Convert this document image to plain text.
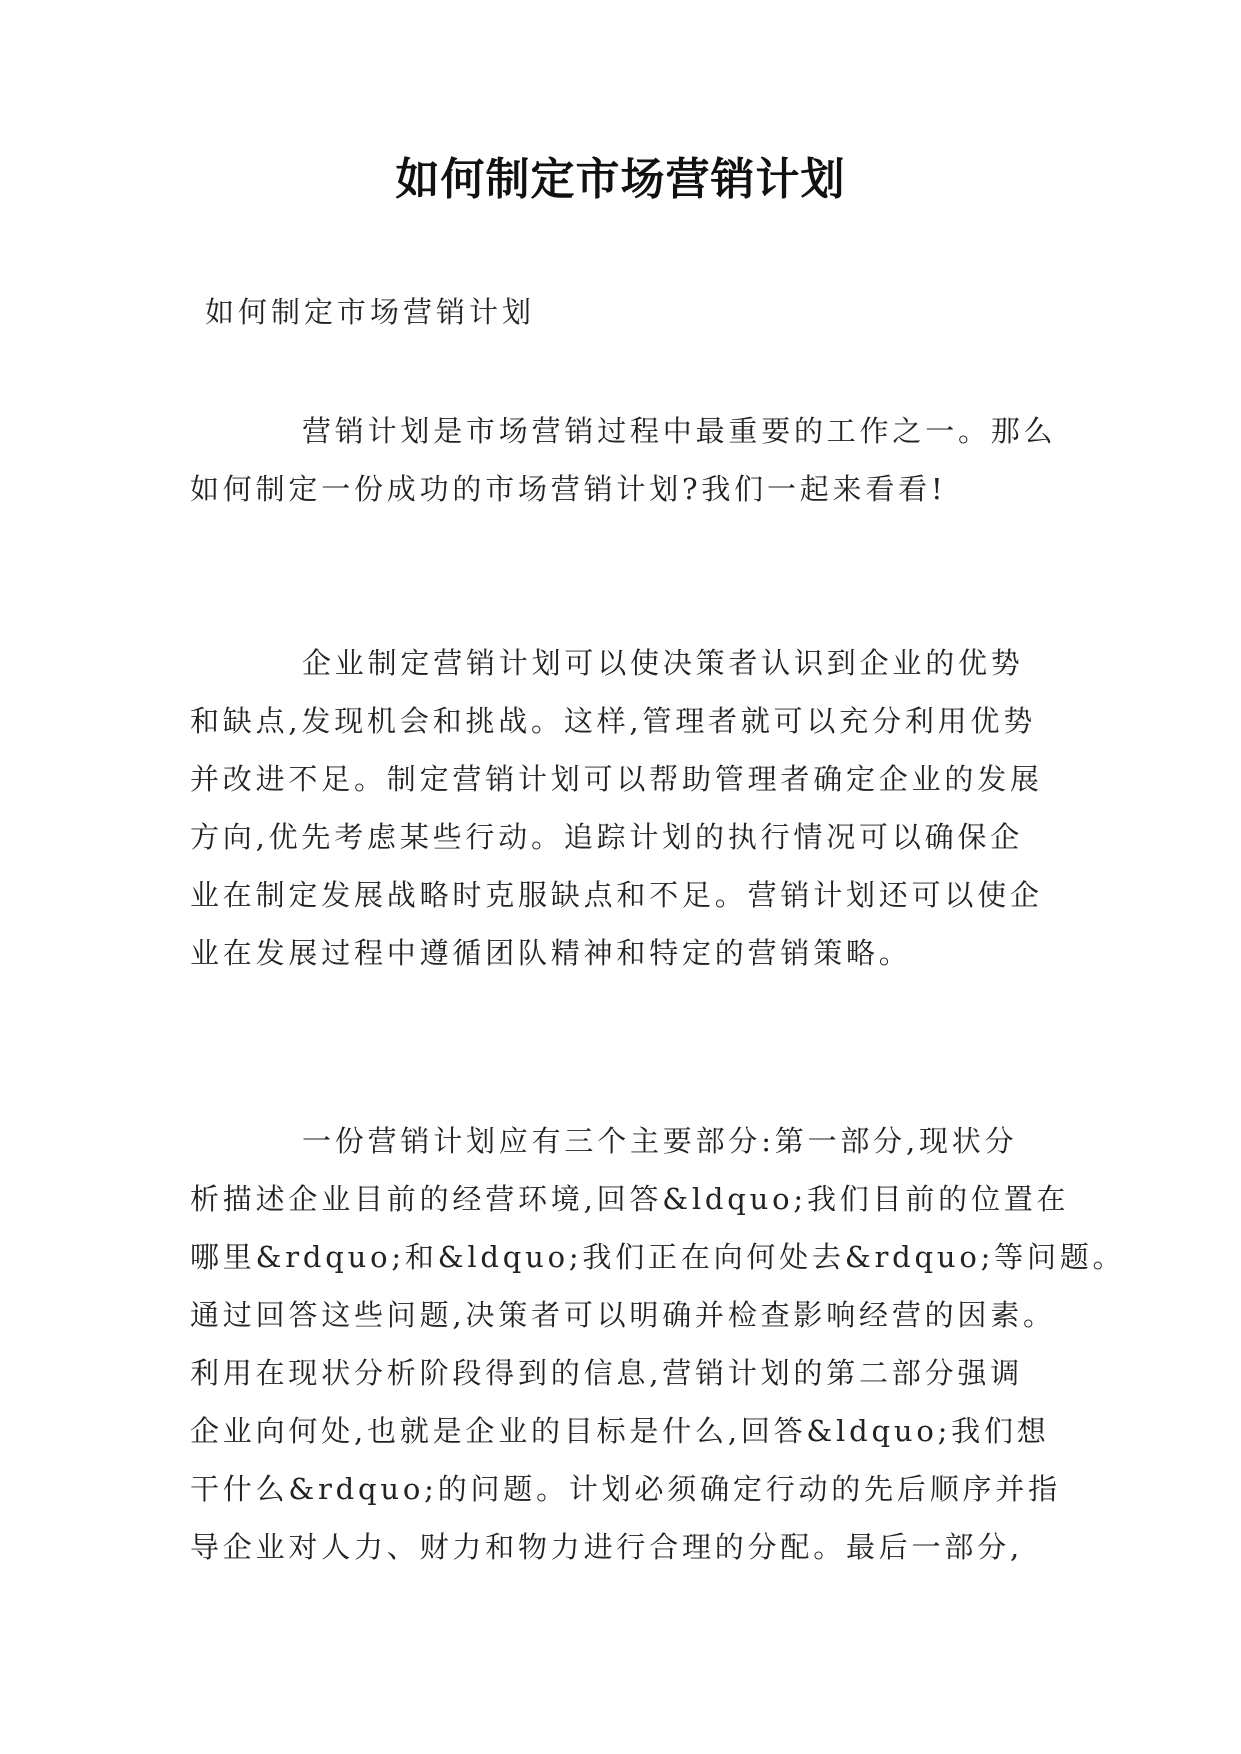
如何制定市场营销计划
如何制定市场营销计划

营销计划是市场营销过程中最重要的工作之一。那么
如何制定一份成功的市场营销计划?我们一起来看看!

企业制定营销计划可以使决策者认识到企业的优势
和缺点,发现机会和挑战。这样,管理者就可以充分利用优势
并改进不足。制定营销计划可以帮助管理者确定企业的发展
方向,优先考虑某些行动。追踪计划的执行情况可以确保企
业在制定发展战略时克服缺点和不足。营销计划还可以使企
业在发展过程中遵循团队精神和特定的营销策略。

一份营销计划应有三个主要部分:第一部分,现状分
析描述企业目前的经营环境,回答&ldquo;我们目前的位置在
哪里&rdquo;和&ldquo;我们正在向何处去&rdquo;等问题。
通过回答这些问题,决策者可以明确并检查影响经营的因素。
利用在现状分析阶段得到的信息,营销计划的第二部分强调
企业向何处,也就是企业的目标是什么,回答&ldquo;我们想
干什么&rdquo;的问题。计划必须确定行动的先后顺序并指
导企业对人力、财力和物力进行合理的分配。最后一部分,
